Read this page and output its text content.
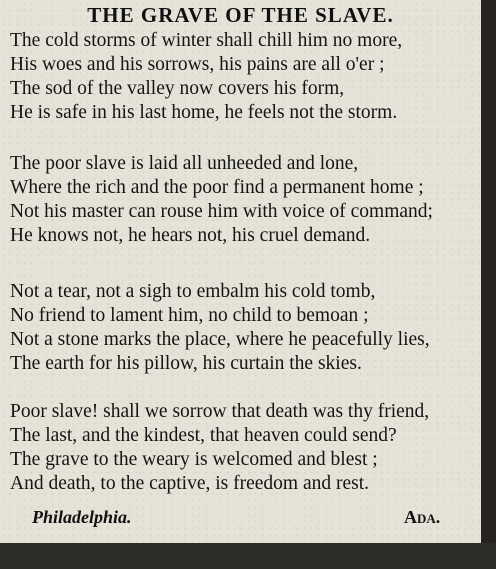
THE GRAVE OF THE SLAVE.
The cold storms of winter shall chill him no more,
His woes and his sorrows, his pains are all o'er ;
The sod of the valley now covers his form,
He is safe in his last home, he feels not the storm.
The poor slave is laid all unheeded and lone,
Where the rich and the poor find a permanent home ;
Not his master can rouse him with voice of command;
He knows not, he hears not, his cruel demand.
Not a tear, not a sigh to embalm his cold tomb,
No friend to lament him, no child to bemoan ;
Not a stone marks the place, where he peacefully lies,
The earth for his pillow, his curtain the skies.
Poor slave! shall we sorrow that death was thy friend,
The last, and the kindest, that heaven could send?
The grave to the weary is welcomed and blest ;
And death, to the captive, is freedom and rest.
Philadelphia.	Ada.
